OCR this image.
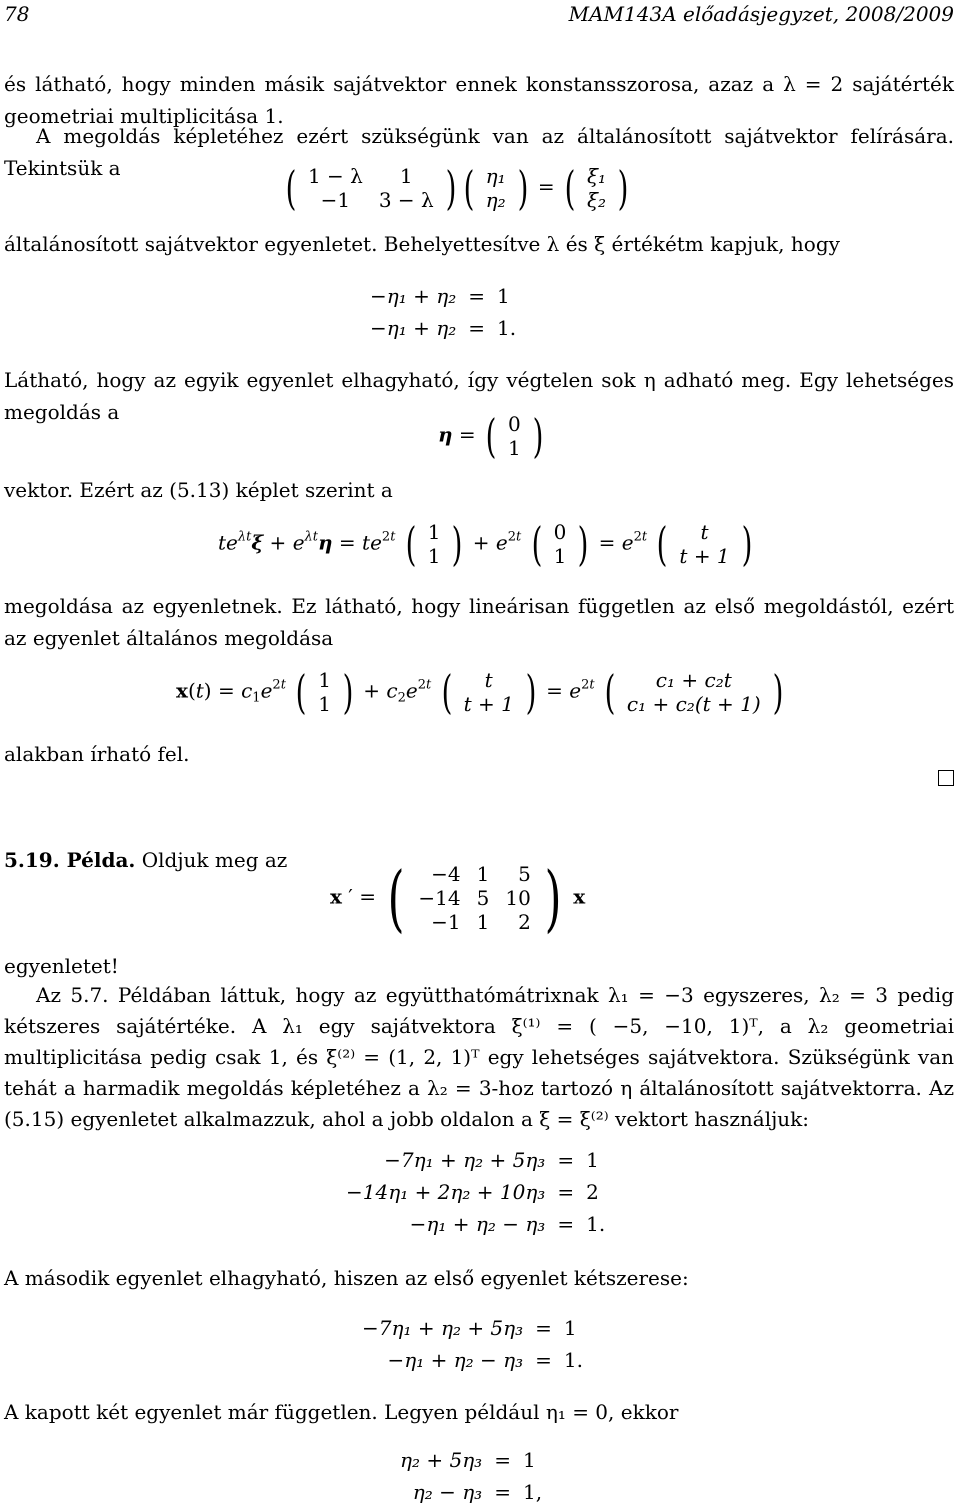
78	MAM143A előadásjegyzet, 2008/2009
és látható, hogy minden másik sajátvektor ennek konstansszorosa, azaz a λ = 2 sajátérték geometriai multiplicitása 1.
A megoldás képletéhez ezért szükségünk van az általánosított sajátvektor felírására. Tekintsük a	( 1 − λ	1
−1	3 − λ ) ( η₁
η₂ ) = ( ξ₁
ξ₂ )
általánosított sajátvektor egyenletet. Behelyettesítve λ és ξ értékétm kapjuk, hogy
−η₁ + η₂	=	1
−η₁ + η₂	=	1.
Látható, hogy az egyik egyenlet elhagyható, így végtelen sok η adható meg. Egy lehetséges megoldás a
η = ( 0
1 )
vektor. Ezért az (5.13) képlet szerint a
$te^{\lambda t}\xi + e^{\lambda t}\eta = te^{2t}$ ( 1
1 ) + $e^{2t}$ ( 0
1 ) = $e^{2t}$ ( t
t + 1 )
megoldása az egyenletnek. Ez látható, hogy lineárisan független az első megoldástól, ezért az egyenlet általános megoldása
$x(t) = c_1e^{2t}$ ( 1
1 ) + $c_2e^{2t}$ ( t
t + 1 ) = $e^{2t}$ ( c₁ + c₂t
c₁ + c₂(t + 1) )
alakban írható fel.
5.19. Példa. Oldjuk meg az
x ′ = ( −4	1	5
−14	5	10
−1	1	2 ) x
egyenletet!
Az 5.7. Példában láttuk, hogy az együtthatómátrixnak λ₁ = −3 egyszeres, λ₂ = 3 pedig kétszeres sajátértéke. A λ₁ egy sajátvektora ξ⁽¹⁾ = ( −5, −10, 1)ᵀ, a λ₂ geometriai multiplicitása pedig csak 1, és ξ⁽²⁾ = (1, 2, 1)ᵀ egy lehetséges sajátvektora. Szükségünk van tehát a harmadik megoldás képletéhez a λ₂ = 3-hoz tartozó η általánosított sajátvektorra. Az (5.15) egyenletet alkalmazzuk, ahol a jobb oldalon a ξ = ξ⁽²⁾ vektort használjuk:
−7η₁ + η₂ + 5η₃	=	1
−14η₁ + 2η₂ + 10η₃	=	2
−η₁ + η₂ − η₃	=	1.
A második egyenlet elhagyható, hiszen az első egyenlet kétszerese:
−7η₁ + η₂ + 5η₃	=	1
−η₁ + η₂ − η₃	=	1.
A kapott két egyenlet már független. Legyen például η₁ = 0, ekkor
η₂ + 5η₃	=	1
η₂ − η₃	=	1,
